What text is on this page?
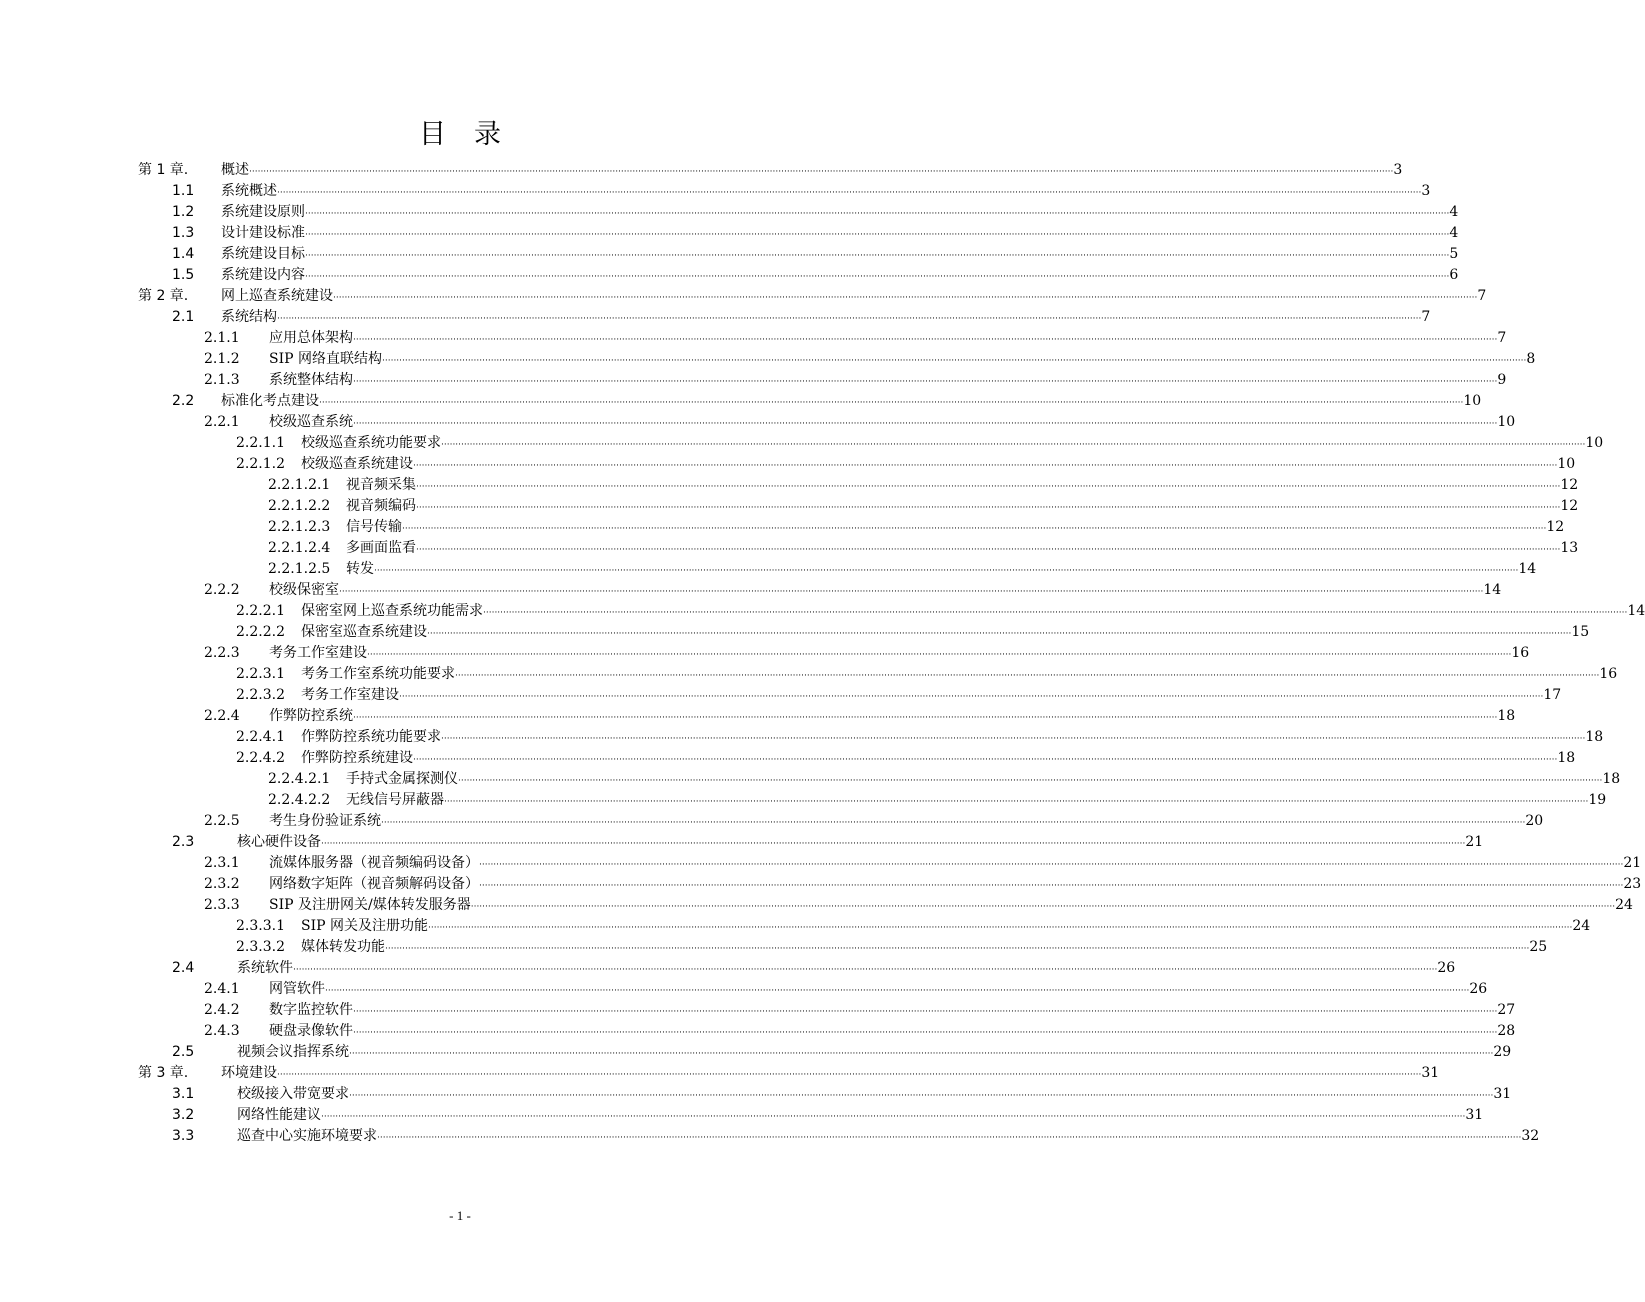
目 录
第 1 章. 概述 ················································································································································································································································································································································································································ 3
1.1 系统概述 ················································································································································································································································································································································································································ 3
1.2 系统建设原则 ················································································································································································································································································································································································································ 4
1.3 设计建设标准 ················································································································································································································································································································································································································ 4
1.4 系统建设目标 ················································································································································································································································································································································································································ 5
1.5 系统建设内容 ················································································································································································································································································································································································································ 6
第 2 章. 网上巡查系统建设 ················································································································································································································································································································································································································ 7
2.1 系统结构 ················································································································································································································································································································································································································ 7
2.1.1 应用总体架构 ················································································································································································································································································································································································································ 7
2.1.2 SIP 网络直联结构 ················································································································································································································································································································································································································ 8
2.1.3 系统整体结构 ················································································································································································································································································································································································································ 9
2.2 标准化考点建设 ················································································································································································································································································································································································································ 10
2.2.1 校级巡查系统 ················································································································································································································································································································································································································ 10
2.2.1.1 校级巡查系统功能要求 ················································································································································································································································································································································································································ 10
2.2.1.2 校级巡查系统建设 ················································································································································································································································································································································································································ 10
2.2.1.2.1 视音频采集 ················································································································································································································································································································································································································ 12
2.2.1.2.2 视音频编码 ················································································································································································································································································································································································································ 12
2.2.1.2.3 信号传输 ················································································································································································································································································································································································································ 12
2.2.1.2.4 多画面监看 ················································································································································································································································································································································································································ 13
2.2.1.2.5 转发 ················································································································································································································································································································································································································ 14
2.2.2 校级保密室 ················································································································································································································································································································································································································ 14
2.2.2.1 保密室网上巡查系统功能需求 ················································································································································································································································································································································································································ 14
2.2.2.2 保密室巡查系统建设 ················································································································································································································································································································································································································ 15
2.2.3 考务工作室建设 ················································································································································································································································································································································································································ 16
2.2.3.1 考务工作室系统功能要求 ················································································································································································································································································································································································································ 16
2.2.3.2 考务工作室建设 ················································································································································································································································································································································································································ 17
2.2.4 作弊防控系统 ················································································································································································································································································································································································································ 18
2.2.4.1 作弊防控系统功能要求 ················································································································································································································································································································································································································ 18
2.2.4.2 作弊防控系统建设 ················································································································································································································································································································································································································ 18
2.2.4.2.1 手持式金属探测仪 ················································································································································································································································································································································································································ 18
2.2.4.2.2 无线信号屏蔽器 ················································································································································································································································································································································································································ 19
2.2.5 考生身份验证系统 ················································································································································································································································································································································································································ 20
2.3	核心硬件设备 ················································································································································································································································································································································································································ 21
2.3.1 流媒体服务器（视音频编码设备） ················································································································································································································································································································································································································ 21
2.3.2 网络数字矩阵（视音频解码设备） ················································································································································································································································································································································································································ 23
2.3.3 SIP 及注册网关/媒体转发服务器 ················································································································································································································································································································································································································ 24
2.3.3.1 SIP 网关及注册功能 ················································································································································································································································································································································································································ 24
2.3.3.2 媒体转发功能 ················································································································································································································································································································································································································ 25
2.4	系统软件 ················································································································································································································································································································································································································ 26
2.4.1 网管软件 ················································································································································································································································································································································································································ 26
2.4.2 数字监控软件 ················································································································································································································································································································································································································ 27
2.4.3 硬盘录像软件 ················································································································································································································································································································································································································ 28
2.5	视频会议指挥系统 ················································································································································································································································································································································································································ 29
第 3 章. 环境建设 ················································································································································································································································································································································································································ 31
3.1	校级接入带宽要求 ················································································································································································································································································································································································································ 31
3.2	网络性能建议 ················································································································································································································································································································································································································ 31
3.3	巡查中心实施环境要求 ················································································································································································································································································································································································································ 32
- 1 -
